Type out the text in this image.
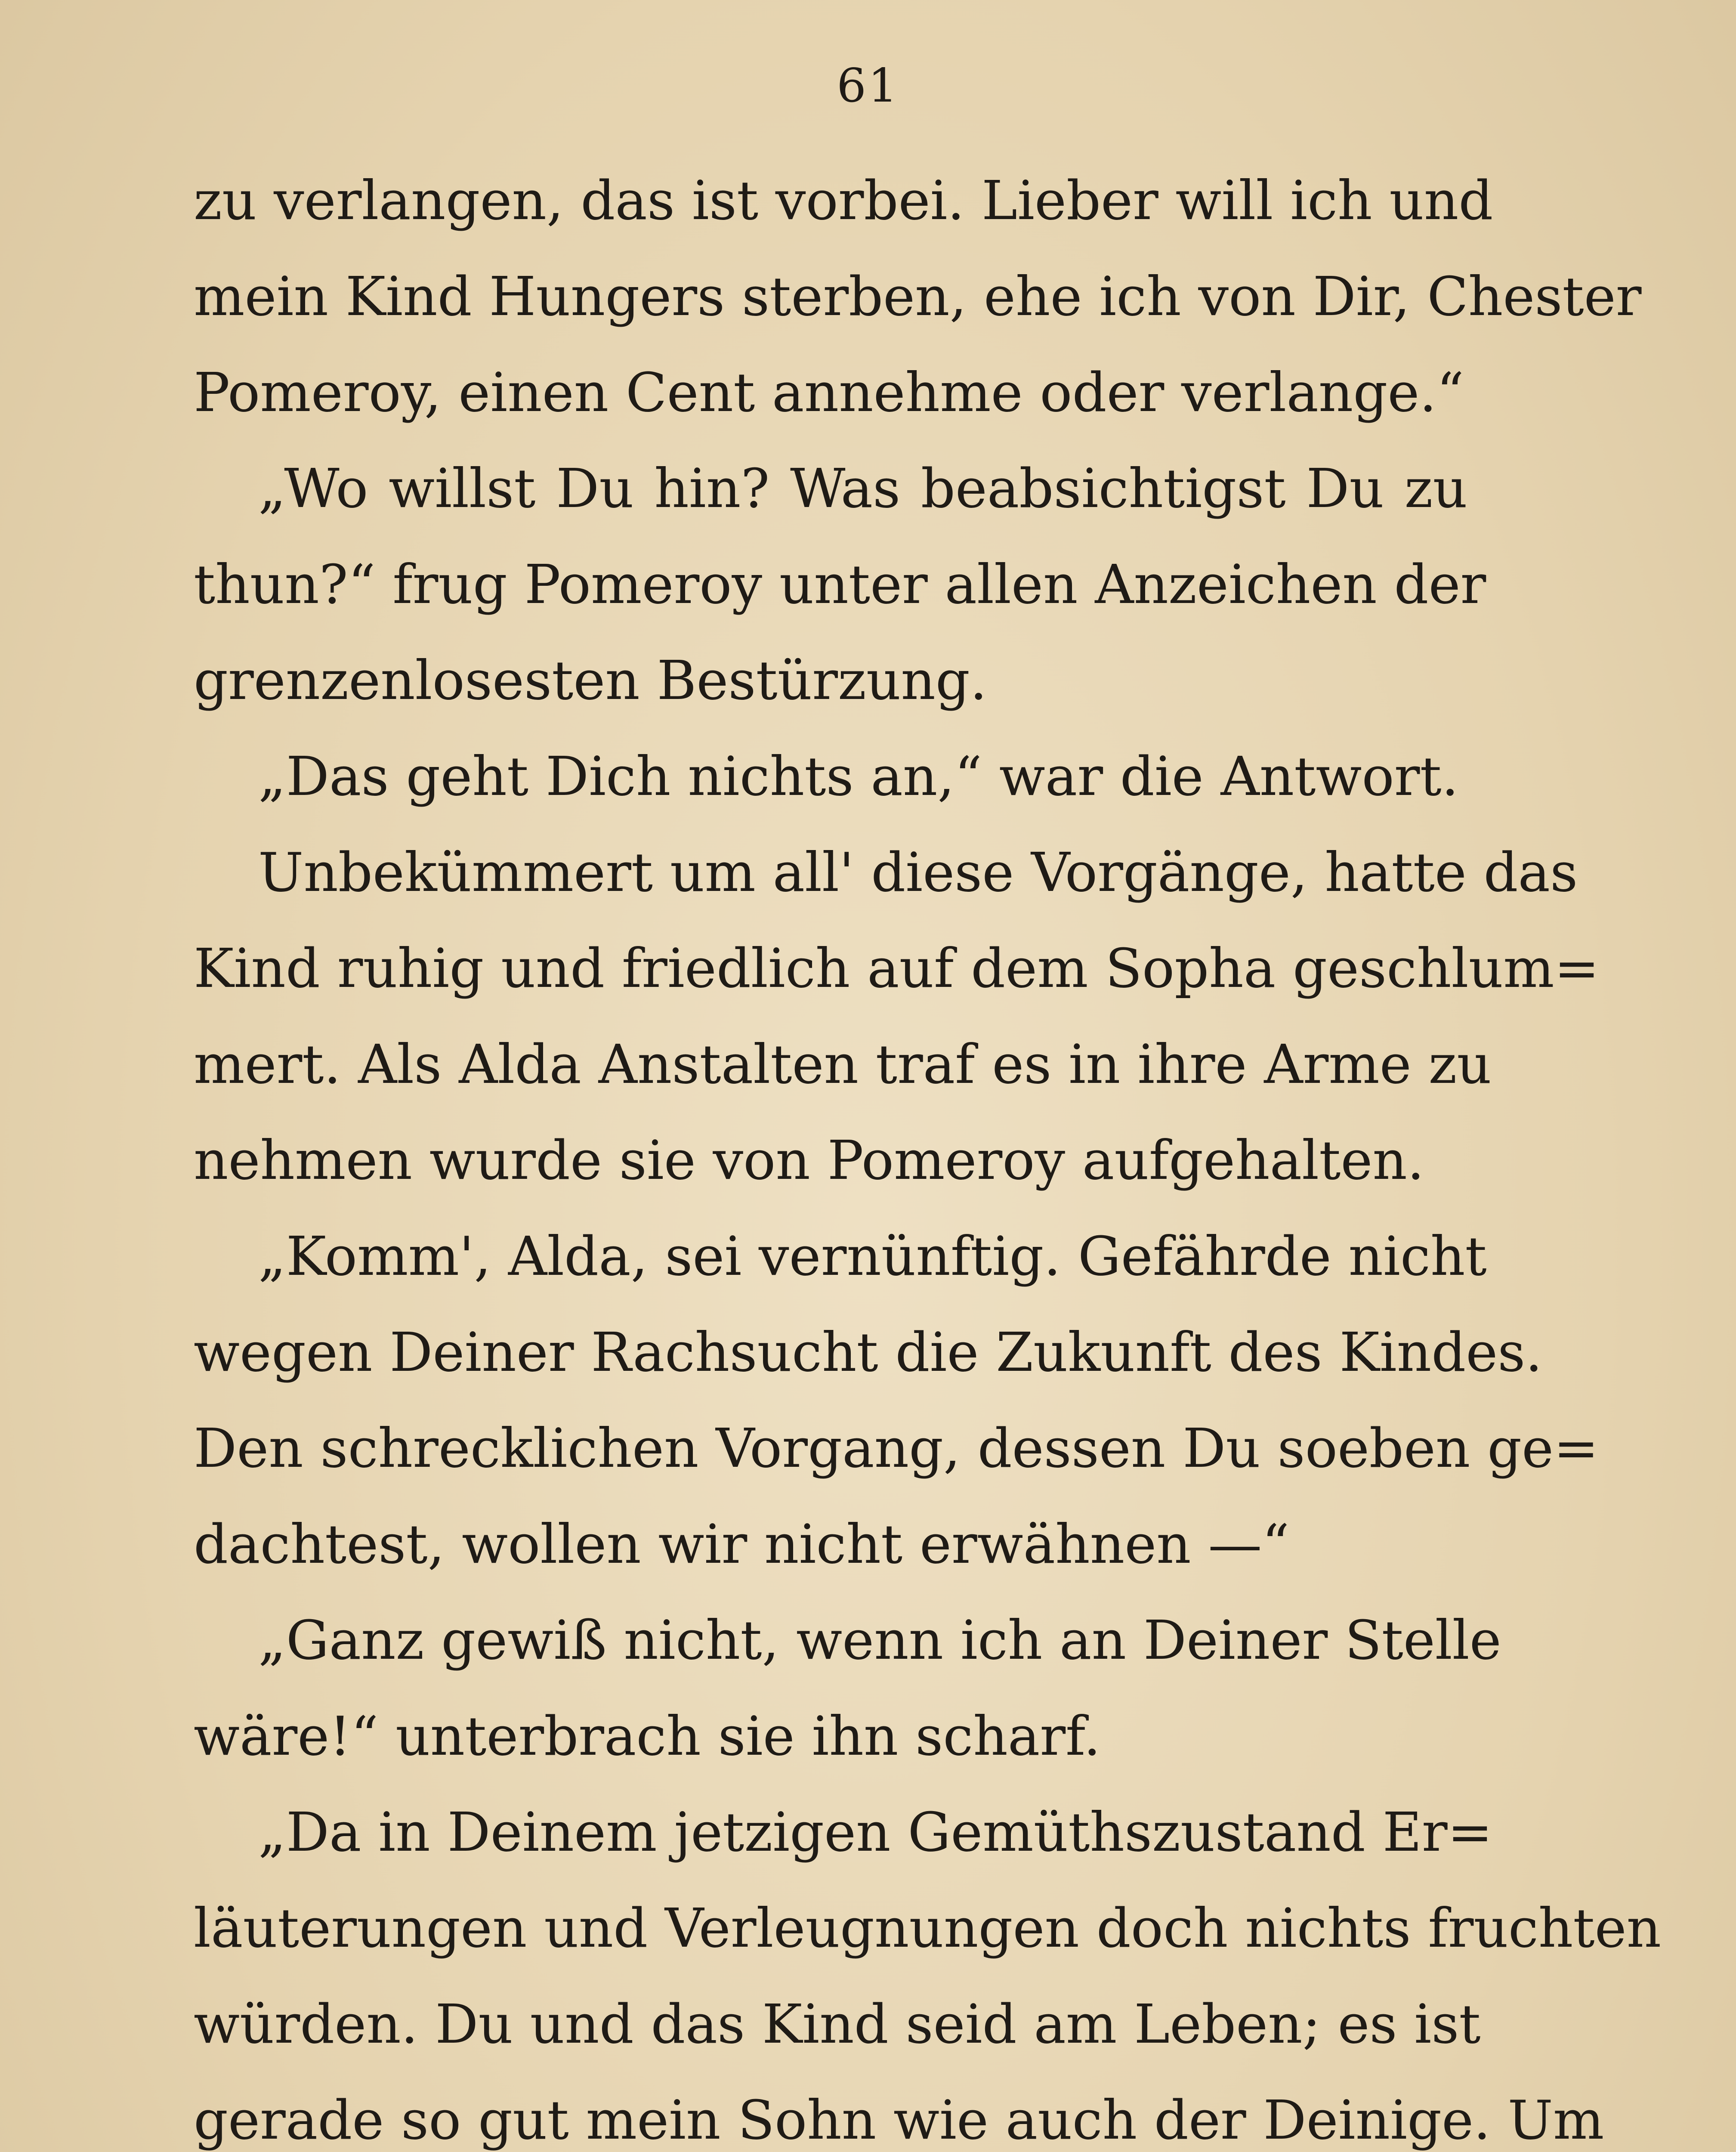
61
zu verlangen, das ist vorbei. Lieber will ich und
mein Kind Hungers sterben, ehe ich von Dir, Chester
Pomeroy, einen Cent annehme oder verlange.“
„Wo willst Du hin? Was beabsichtigst Du zu
thun?“ frug Pomeroy unter allen Anzeichen der
grenzenlosesten Bestürzung.
„Das geht Dich nichts an,“ war die Antwort.
Unbekümmert um all' diese Vorgänge, hatte das
Kind ruhig und friedlich auf dem Sopha geschlum=
mert. Als Alda Anstalten traf es in ihre Arme zu
nehmen wurde sie von Pomeroy aufgehalten.
„Komm', Alda, sei vernünftig. Gefährde nicht
wegen Deiner Rachsucht die Zukunft des Kindes.
Den schrecklichen Vorgang, dessen Du soeben ge=
dachtest, wollen wir nicht erwähnen —“
„Ganz gewiß nicht, wenn ich an Deiner Stelle
wäre!“ unterbrach sie ihn scharf.
„Da in Deinem jetzigen Gemüthszustand Er=
läuterungen und Verleugnungen doch nichts fruchten
würden. Du und das Kind seid am Leben; es ist
gerade so gut mein Sohn wie auch der Deinige. Um
